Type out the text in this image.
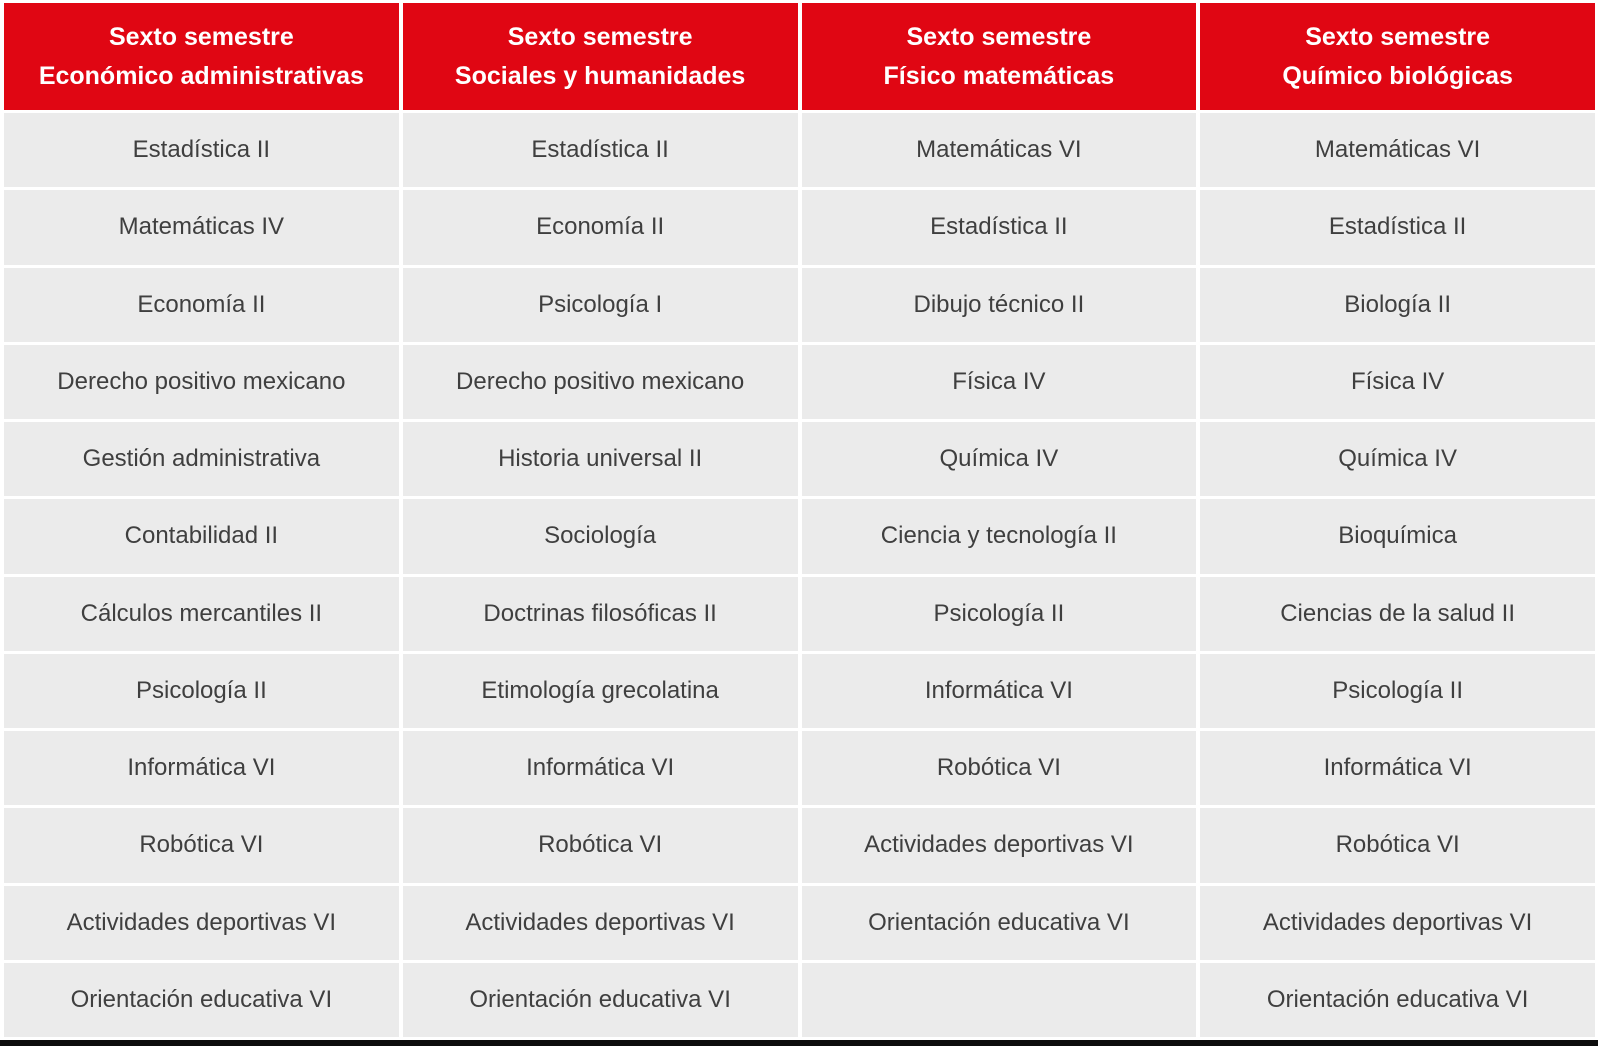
Sexto semestre
Económico administrativas
Estadística II
Matemáticas IV
Economía II
Derecho positivo mexicano
Gestión administrativa
Contabilidad II
Cálculos mercantiles II
Psicología II
Informática VI
Robótica VI
Actividades deportivas VI
Orientación educativa VI
Sexto semestre
Sociales y humanidades
Estadística II
Economía II
Psicología I
Derecho positivo mexicano
Historia universal II
Sociología
Doctrinas filosóficas II
Etimología grecolatina
Informática VI
Robótica VI
Actividades deportivas VI
Orientación educativa VI
Sexto semestre
Físico matemáticas
Matemáticas VI
Estadística II
Dibujo técnico II
Física IV
Química IV
Ciencia y tecnología II
Psicología II
Informática VI
Robótica VI
Actividades deportivas VI
Orientación educativa VI
Sexto semestre
Químico biológicas
Matemáticas VI
Estadística II
Biología II
Física IV
Química IV
Bioquímica
Ciencias de la salud II
Psicología II
Informática VI
Robótica VI
Actividades deportivas VI
Orientación educativa VI
